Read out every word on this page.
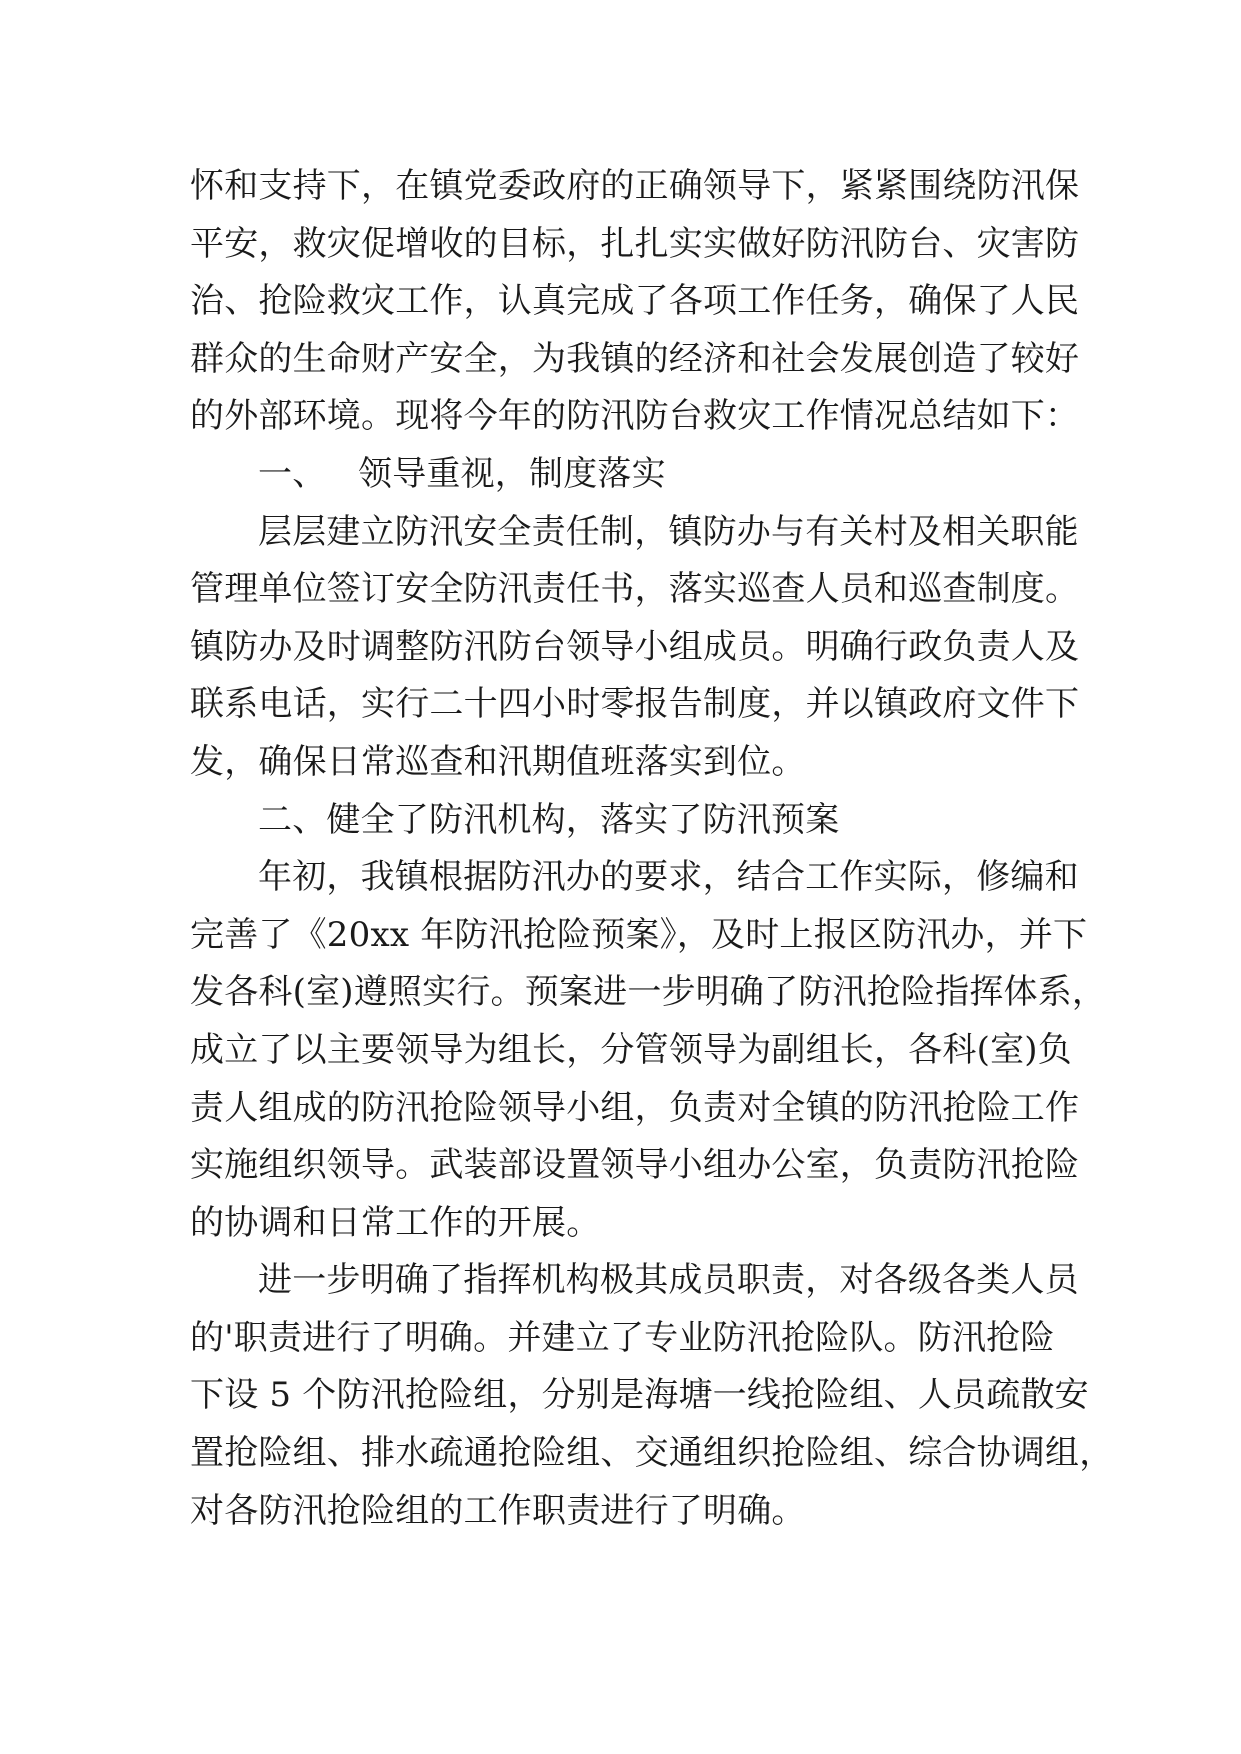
怀和支持下，在镇党委政府的正确领导下，紧紧围绕防汛保
平安，救灾促增收的目标，扎扎实实做好防汛防台、灾害防
治、抢险救灾工作，认真完成了各项工作任务，确保了人民
群众的生命财产安全，为我镇的经济和社会发展创造了较好
的外部环境。现将今年的防汛防台救灾工作情况总结如下：
一、 领导重视，制度落实
层层建立防汛安全责任制，镇防办与有关村及相关职能
管理单位签订安全防汛责任书，落实巡查人员和巡查制度。
镇防办及时调整防汛防台领导小组成员。明确行政负责人及
联系电话，实行二十四小时零报告制度，并以镇政府文件下
发，确保日常巡查和汛期值班落实到位。
二、健全了防汛机构，落实了防汛预案
年初，我镇根据防汛办的要求，结合工作实际，修编和
完善了《20xx 年防汛抢险预案》，及时上报区防汛办，并下
发各科(室)遵照实行。预案进一步明确了防汛抢险指挥体系，
成立了以主要领导为组长，分管领导为副组长，各科(室)负
责人组成的防汛抢险领导小组，负责对全镇的防汛抢险工作
实施组织领导。武装部设置领导小组办公室，负责防汛抢险
的协调和日常工作的开展。
进一步明确了指挥机构极其成员职责，对各级各类人员
的'职责进行了明确。并建立了专业防汛抢险队。防汛抢险
下设 5 个防汛抢险组，分别是海塘一线抢险组、人员疏散安
置抢险组、排水疏通抢险组、交通组织抢险组、综合协调组，
对各防汛抢险组的工作职责进行了明确。
